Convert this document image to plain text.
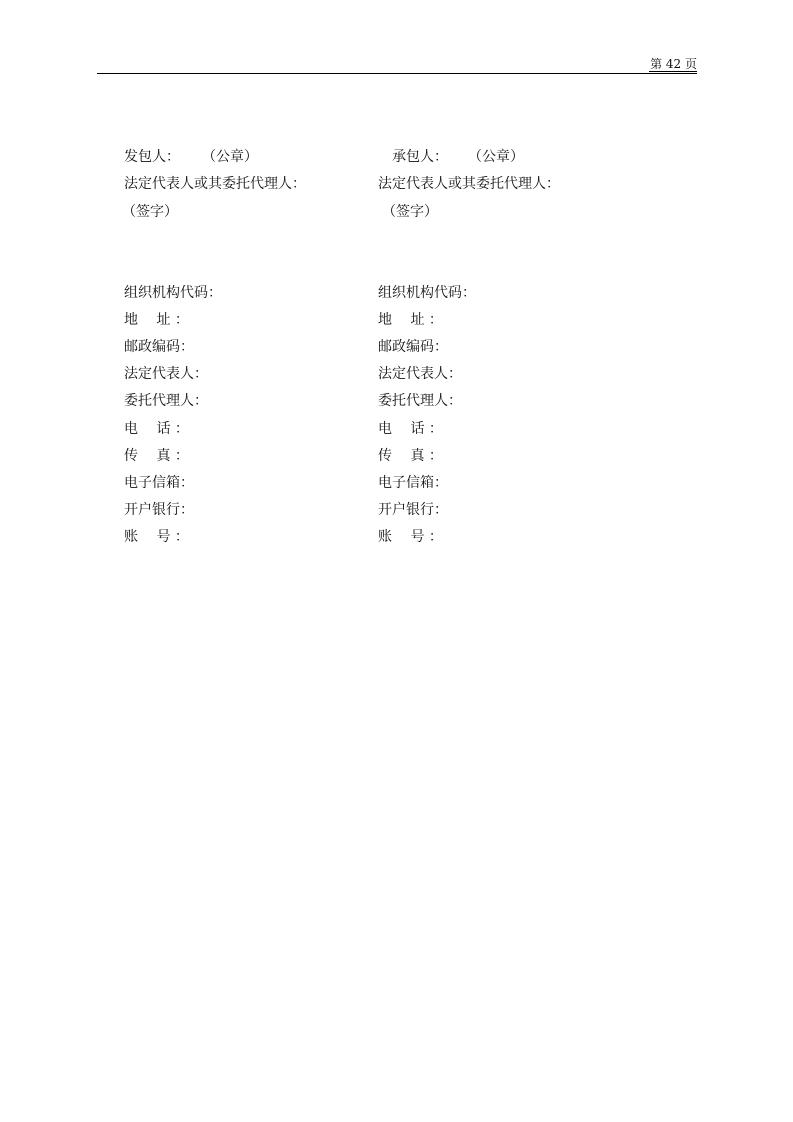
第 42 页
发包人： （公章）
法定代表人或其委托代理人：
（签字）
承包人： （公章）
法定代表人或其委托代理人：
（签字）
组织机构代码：
地　 址 ：
邮政编码：
法定代表人：
委托代理人：
电　 话 ：
传　 真 ：
电子信箱：
开户银行：
账　 号 ：
组织机构代码：
地　 址 ：
邮政编码：
法定代表人：
委托代理人：
电　 话 ：
传　 真 ：
电子信箱：
开户银行：
账　 号 ：
